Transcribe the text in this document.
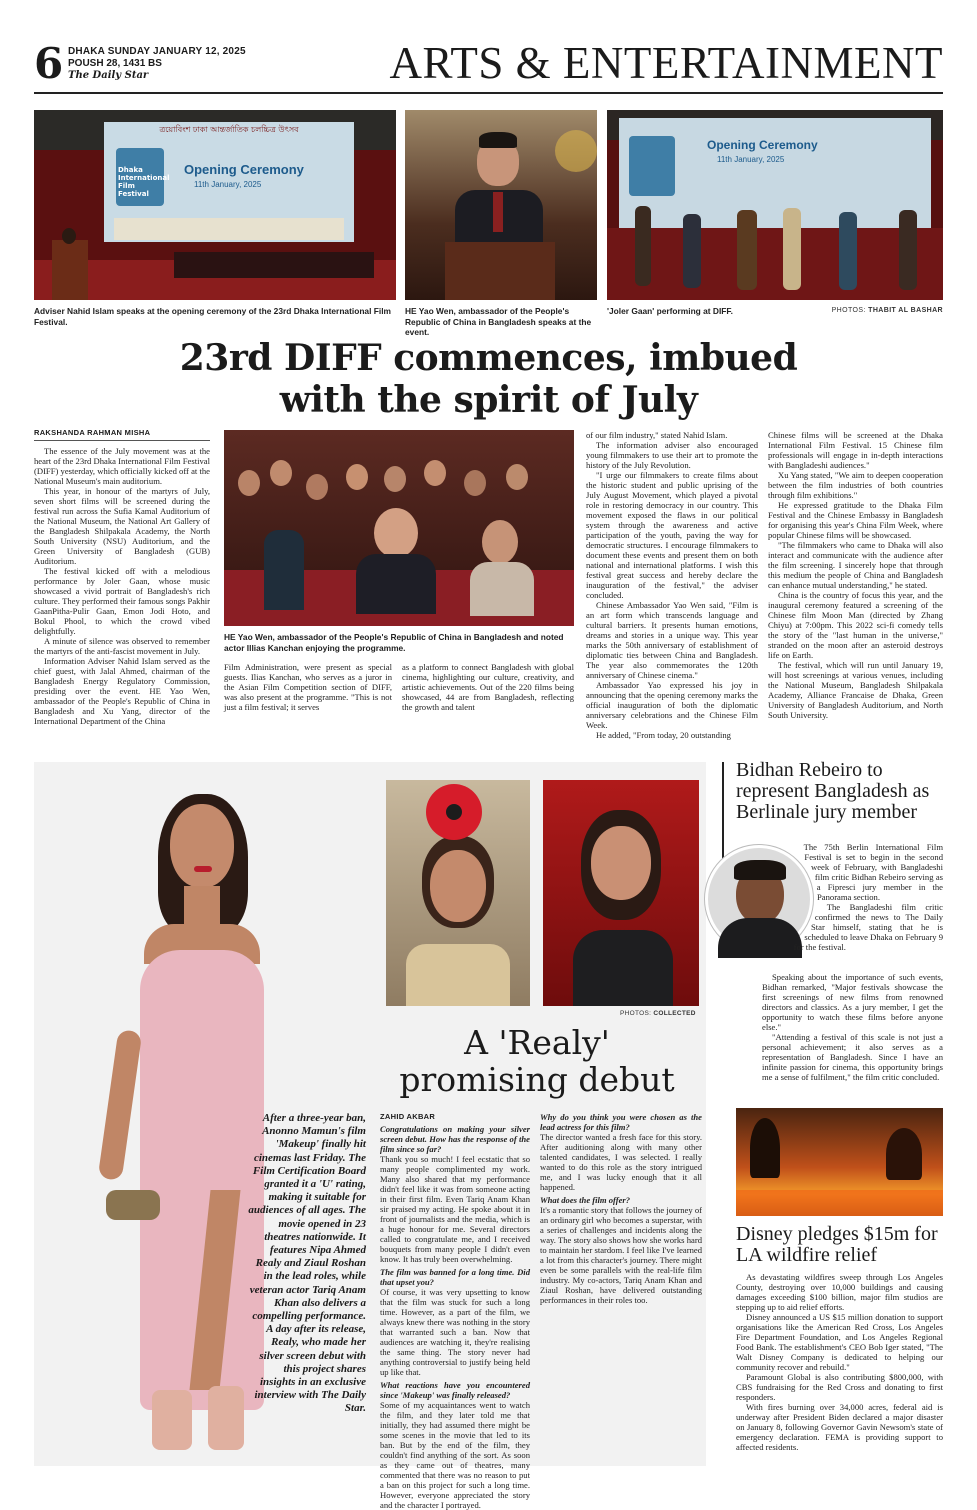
6 DHAKA SUNDAY JANUARY 12, 2025
POUSH 28, 1431 BS
The Daily Star	ARTS & ENTERTAINMENT
ত্রয়োবিংশ ঢাকা আন্তর্জাতিক চলচ্চিত্র উৎসব
Dhaka International Film Festival
Opening Ceremony
11th January, 2025
Opening Ceremony
11th January, 2025
Adviser Nahid Islam speaks at the opening ceremony of the 23rd Dhaka International Film Festival.
HE Yao Wen, ambassador of the People's Republic of China in Bangladesh speaks at the event.
'Joler Gaan' performing at DIFF.	PHOTOS: THABIT AL BASHAR
23rd DIFF commences, imbued
with the spirit of July
RAKSHANDA RAHMAN MISHA

The essence of the July movement was at the heart of the 23rd Dhaka International Film Festival (DIFF) yesterday, which officially kicked off at the National Museum's main auditorium.

This year, in honour of the martyrs of July, seven short films will be screened during the festival run across the Sufia Kamal Auditorium of the National Museum, the National Art Gallery of the Bangladesh Shilpakala Academy, the North South University (NSU) Auditorium, and the Green University of Bangladesh (GUB) Auditorium.

The festival kicked off with a melodious performance by Joler Gaan, whose music showcased a vivid portrait of Bangladesh's rich culture. They performed their famous songs Pakhir GaanPitha-Pulir Gaan, Emon Jodi Hoto, and Bokul Phool, to which the crowd vibed delightfully.

A minute of silence was observed to remember the martyrs of the anti-fascist movement in July.

Information Adviser Nahid Islam served as the chief guest, with Jalal Ahmed, chairman of the Bangladesh Energy Regulatory Commission, presiding over the event. HE Yao Wen, ambassador of the People's Republic of China in Bangladesh and Xu Yang, director of the International Department of the China

HE Yao Wen, ambassador of the People's Republic of China in Bangladesh and noted actor Illias Kanchan enjoying the programme.

Film Administration, were present as special guests. Ilias Kanchan, who serves as a juror in the Asian Film Competition section of DIFF, was also present at the programme. "This is not just a film festival; it serves

as a platform to connect Bangladesh with global cinema, highlighting our culture, creativity, and artistic achievements. Out of the 220 films being showcased, 44 are from Bangladesh, reflecting the growth and talent

of our film industry," stated Nahid Islam.

The information adviser also encouraged young filmmakers to use their art to promote the history of the July Revolution.

"I urge our filmmakers to create films about the historic student and public uprising of the July August Movement, which played a pivotal role in restoring democracy in our country. This movement exposed the flaws in our political system through the awareness and active participation of the youth, paving the way for democratic structures. I encourage filmmakers to document these events and present them on both national and international platforms. I wish this festival great success and hereby declare the inauguration of the festival," the adviser concluded.

Chinese Ambassador Yao Wen said, "Film is an art form which transcends language and cultural barriers. It presents human emotions, dreams and stories in a unique way. This year marks the 50th anniversary of establishment of diplomatic ties between China and Bangladesh. The year also commemorates the 120th anniversary of Chinese cinema."

Ambassador Yao expressed his joy in announcing that the opening ceremony marks the official inauguration of both the diplomatic anniversary celebrations and the Chinese Film Week.

He added, "From today, 20 outstanding

Chinese films will be screened at the Dhaka International Film Festival. 15 Chinese film professionals will engage in in-depth interactions with Bangladeshi audiences."

Xu Yang stated, "We aim to deepen cooperation between the film industries of both countries through film exhibitions."

He expressed gratitude to the Dhaka Film Festival and the Chinese Embassy in Bangladesh for organising this year's China Film Week, where popular Chinese films will be showcased.

"The filmmakers who came to Dhaka will also interact and communicate with the audience after the film screening. I sincerely hope that through this medium the people of China and Bangladesh can enhance mutual understanding," he stated.

China is the country of focus this year, and the inaugural ceremony featured a screening of the Chinese film Moon Man (directed by Zhang Chiyu) at 7:00pm. This 2022 sci-fi comedy tells the story of the "last human in the universe," stranded on the moon after an asteroid destroys life on Earth.

The festival, which will run until January 19, will host screenings at various venues, including the National Museum, Bangladesh Shilpakala Academy, Alliance Francaise de Dhaka, Green University of Bangladesh Auditorium, and North South University.

PHOTOS: COLLECTED
A 'Realy'
promising debut
After a three-year ban, Anonno Mamun's film 'Makeup' finally hit cinemas last Friday. The Film Certification Board granted it a 'U' rating, making it suitable for audiences of all ages. The movie opened in 23 theatres nationwide. It features Nipa Ahmed Realy and Ziaul Roshan in the lead roles, while veteran actor Tariq Anam Khan also delivers a compelling performance. A day after its release, Realy, who made her silver screen debut with this project shares insights in an exclusive interview with The Daily Star.
ZAHID AKBAR

Congratulations on making your silver screen debut. How has the response of the film since so far?

Thank you so much! I feel ecstatic that so many people complimented my work. Many also shared that my performance didn't feel like it was from someone acting in their first film. Even Tariq Anam Khan sir praised my acting. He spoke about it in front of journalists and the media, which is a huge honour for me. Several directors called to congratulate me, and I received bouquets from many people I didn't even know. It has truly been overwhelming.

The film was banned for a long time. Did that upset you?

Of course, it was very upsetting to know that the film was stuck for such a long time. However, as a part of the film, we always knew there was nothing in the story that warranted such a ban. Now that audiences are watching it, they're realising the same thing. The story never had anything controversial to justify being held up like that.

What reactions have you encountered since 'Makeup' was finally released?

Some of my acquaintances went to watch the film, and they later told me that initially, they had assumed there might be some scenes in the movie that led to its ban. But by the end of the film, they couldn't find anything of the sort. As soon as they came out of theatres, many commented that there was no reason to put a ban on this project for such a long time. However, everyone appreciated the story and the character I portrayed.

Why do you think you were chosen as the lead actress for this film?

The director wanted a fresh face for this story. After auditioning along with many other talented candidates, I was selected. I really wanted to do this role as the story intrigued me, and I was lucky enough that it all happened.

What does the film offer?

It's a romantic story that follows the journey of an ordinary girl who becomes a superstar, with a series of challenges and incidents along the way. The story also shows how she works hard to maintain her stardom. I feel like I've learned a lot from this character's journey. There might even be some parallels with the real-life film industry. My co-actors, Tariq Anam Khan and Ziaul Roshan, have delivered outstanding performances in their roles too.

Bidhan Rebeiro to represent Bangladesh as Berlinale jury member

The 75th Berlin International Film Festival is set to begin in the second week of February, with Bangladeshi film critic Bidhan Rebeiro serving as a Fipresci jury member in the Panorama section.

The Bangladeshi film critic confirmed the news to The Daily Star himself, stating that he is scheduled to leave Dhaka on February 9 for the festival.

Speaking about the importance of such events, Bidhan remarked, "Major festivals showcase the first screenings of new films from renowned directors and classics. As a jury member, I get the opportunity to watch these films before anyone else."

"Attending a festival of this scale is not just a personal achievement; it also serves as a representation of Bangladesh. Since I have an infinite passion for cinema, this opportunity brings me a sense of fulfilment," the film critic concluded.

Disney pledges $15m for LA wildfire relief

As devastating wildfires sweep through Los Angeles County, destroying over 10,000 buildings and causing damages exceeding $100 billion, major film studios are stepping up to aid relief efforts.

Disney announced a US $15 million donation to support organisations like the American Red Cross, Los Angeles Fire Department Foundation, and Los Angeles Regional Food Bank. The establishment's CEO Bob Iger stated, "The Walt Disney Company is dedicated to helping our community recover and rebuild."

Paramount Global is also contributing $800,000, with CBS fundraising for the Red Cross and donating to first responders.

With fires burning over 34,000 acres, federal aid is underway after President Biden declared a major disaster on January 8, following Governor Gavin Newsom's state of emergency declaration. FEMA is providing support to affected residents.
